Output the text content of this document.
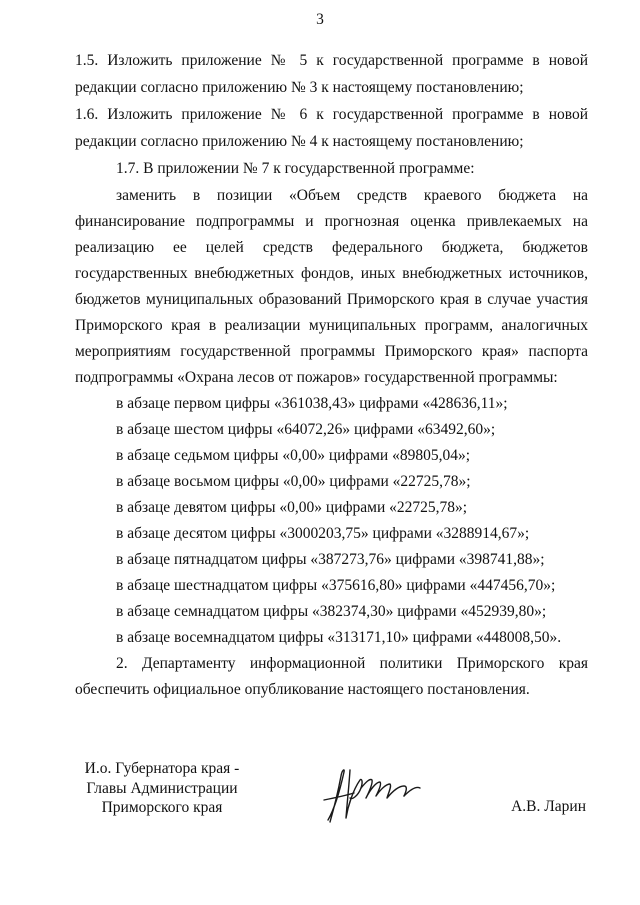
3
1.5. Изложить приложение № 5 к государственной программе в новой
редакции согласно приложению № 3 к настоящему постановлению;
1.6. Изложить приложение № 6 к государственной программе в новой
редакции согласно приложению № 4 к настоящему постановлению;
1.7. В приложении № 7 к государственной программе:
заменить в позиции «Объем средств краевого бюджета на
финансирование подпрограммы и прогнозная оценка привлекаемых на
реализацию ее целей средств федерального бюджета, бюджетов
государственных внебюджетных фондов, иных внебюджетных источников,
бюджетов муниципальных образований Приморского края в случае участия
Приморского края в реализации муниципальных программ, аналогичных
мероприятиям государственной программы Приморского края» паспорта
подпрограммы «Охрана лесов от пожаров» государственной программы:
в абзаце первом цифры «361038,43» цифрами «428636,11»;
в абзаце шестом цифры «64072,26» цифрами «63492,60»;
в абзаце седьмом цифры «0,00» цифрами «89805,04»;
в абзаце восьмом цифры «0,00» цифрами «22725,78»;
в абзаце девятом цифры «0,00» цифрами «22725,78»;
в абзаце десятом цифры «3000203,75» цифрами «3288914,67»;
в абзаце пятнадцатом цифры «387273,76» цифрами «398741,88»;
в абзаце шестнадцатом цифры «375616,80» цифрами «447456,70»;
в абзаце семнадцатом цифры «382374,30» цифрами «452939,80»;
в абзаце восемнадцатом цифры «313171,10» цифрами «448008,50».
2. Департаменту информационной политики Приморского края
обеспечить официальное опубликование настоящего постановления.
И.о. Губернатора края -
Главы Администрации
Приморского края	А.В. Ларин
